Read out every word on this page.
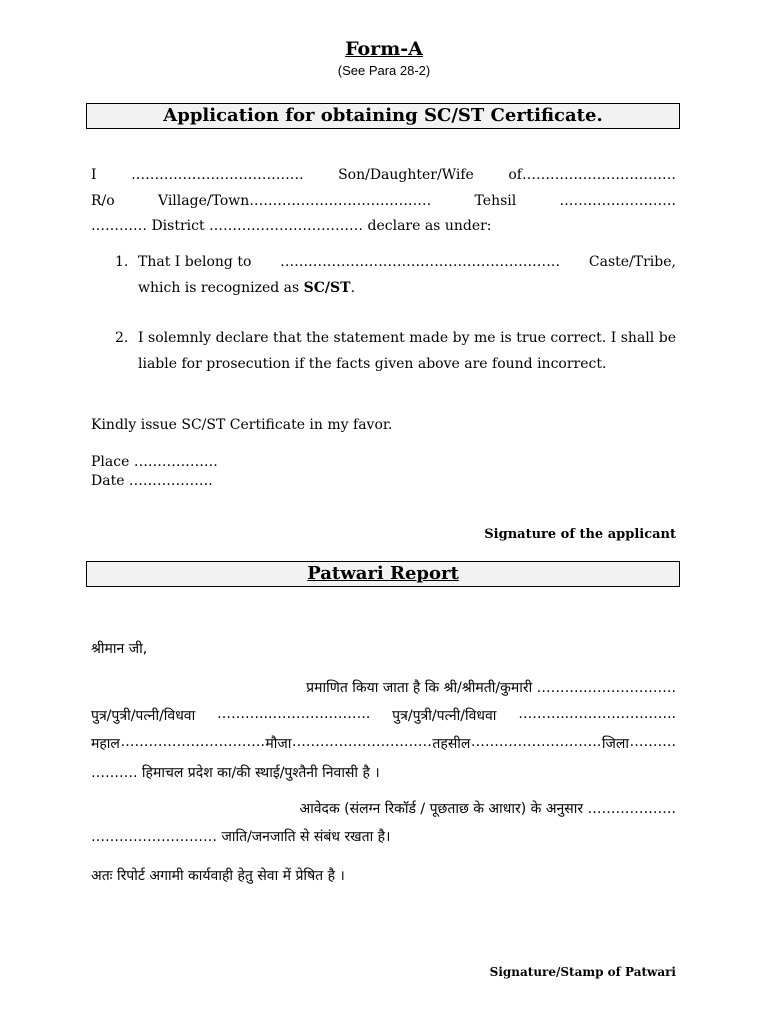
Form-A
(See Para 28-2)
Application for obtaining SC/ST Certificate.
I ………………………………. Son/Daughter/Wife of……………………………
R/o	Village/Town…………………………………	Tehsil	…………………….
………… District …………………………… declare as under:
1. That I belong to …………………………………………………… Caste/Tribe,
which is recognized as SC/ST.
2. I solemnly declare that the statement made by me is true correct. I shall be liable for prosecution if the facts given above are found incorrect.
Kindly issue SC/ST Certificate in my favor.
Place ………………
Date ………………
Signature of the applicant
Patwari Report
श्रीमान जी,
प्रमाणित किया जाता है कि श्री/श्रीमती/कुमारी ………..……………….
पुत्र/पुत्री/पत्नी/विधवा ………..…………………. पुत्र/पुत्री/पत्नी/विधवा ………..…………………..
महाल …………………………. मौजा ………………………… तहसील ………………………. जिला ……….
………. हिमाचल प्रदेश का/की स्थाई/पुश्तैनी निवासी है ।
आवेदक (संलग्न रिकॉर्ड / पूछताछ के आधार) के अनुसार ……………….
……………………… जाति/जनजाति से संबंध रखता है।
अतः रिपोर्ट अगामी कार्यवाही हेतु सेवा में प्रेषित है ।
Signature/Stamp of Patwari
